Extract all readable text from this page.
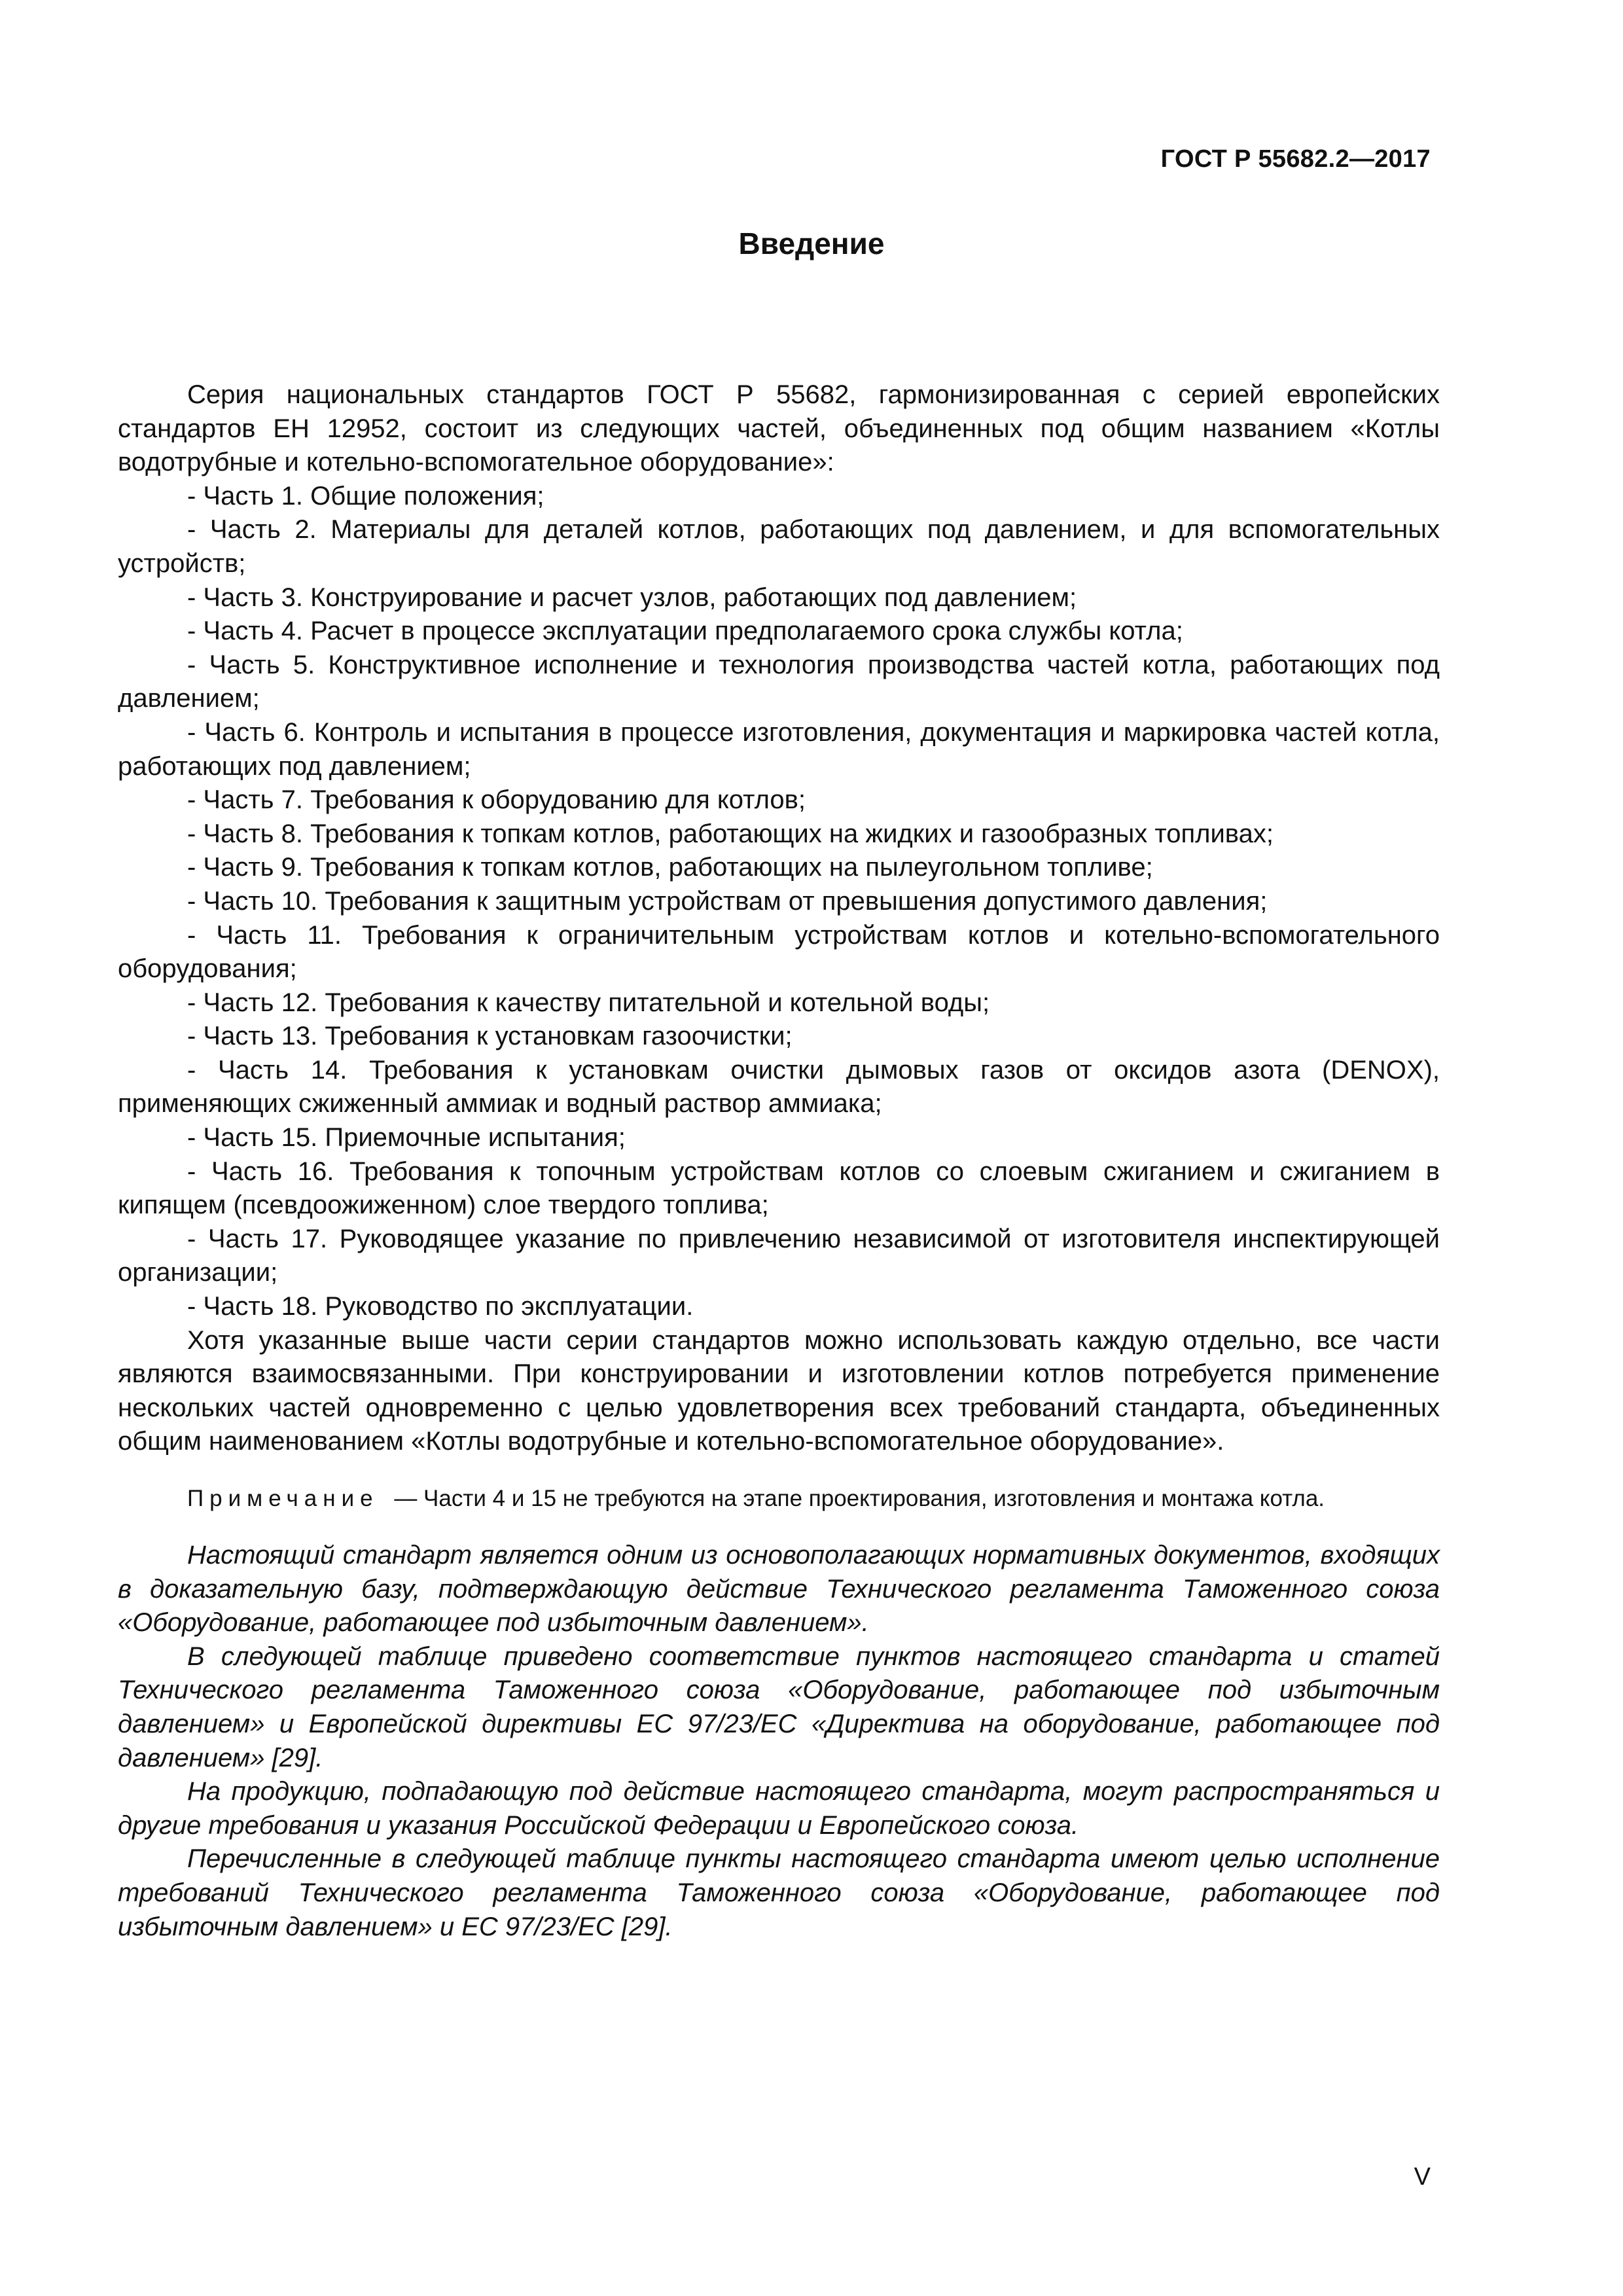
ГОСТ Р 55682.2—2017
Введение

Серия национальных стандартов ГОСТ Р 55682, гармонизированная с серией европейских стандартов ЕН 12952, состоит из следующих частей, объединенных под общим названием «Котлы водотрубные и котельно-вспомогательное оборудование»:

- Часть 1. Общие положения;
- Часть 2. Материалы для деталей котлов, работающих под давлением, и для вспомогательных устройств;
- Часть 3. Конструирование и расчет узлов, работающих под давлением;
- Часть 4. Расчет в процессе эксплуатации предполагаемого срока службы котла;
- Часть 5. Конструктивное исполнение и технология производства частей котла, работающих под давлением;
- Часть 6. Контроль и испытания в процессе изготовления, документация и маркировка частей котла, работающих под давлением;
- Часть 7. Требования к оборудованию для котлов;
- Часть 8. Требования к топкам котлов, работающих на жидких и газообразных топливах;
- Часть 9. Требования к топкам котлов, работающих на пылеугольном топливе;
- Часть 10. Требования к защитным устройствам от превышения допустимого давления;
- Часть 11. Требования к ограничительным устройствам котлов и котельно-вспомогательного оборудования;
- Часть 12. Требования к качеству питательной и котельной воды;
- Часть 13. Требования к установкам газоочистки;
- Часть 14. Требования к установкам очистки дымовых газов от оксидов азота (DENOX), применяющих сжиженный аммиак и водный раствор аммиака;
- Часть 15. Приемочные испытания;
- Часть 16. Требования к топочным устройствам котлов со слоевым сжиганием и сжиганием в кипящем (псевдоожиженном) слое твердого топлива;
- Часть 17. Руководящее указание по привлечению независимой от изготовителя инспектирующей организации;
- Часть 18. Руководство по эксплуатации.

Хотя указанные выше части серии стандартов можно использовать каждую отдельно, все части являются взаимосвязанными. При конструировании и изготовлении котлов потребуется применение нескольких частей одновременно с целью удовлетворения всех требований стандарта, объединенных общим наименованием «Котлы водотрубные и котельно-вспомогательное оборудование».

Примечание — Части 4 и 15 не требуются на этапе проектирования, изготовления и монтажа котла.

Настоящий стандарт является одним из основополагающих нормативных документов, входящих в доказательную базу, подтверждающую действие Технического регламента Таможенного союза «Оборудование, работающее под избыточным давлением».

В следующей таблице приведено соответствие пунктов настоящего стандарта и статей Технического регламента Таможенного союза «Оборудование, работающее под избыточным давлением» и Европейской директивы ЕС 97/23/ЕС «Директива на оборудование, работающее под давлением» [29].

На продукцию, подпадающую под действие настоящего стандарта, могут распространяться и другие требования и указания Российской Федерации и Европейского союза.

Перечисленные в следующей таблице пункты настоящего стандарта имеют целью исполнение требований Технического регламента Таможенного союза «Оборудование, работающее под избыточным давлением» и ЕС 97/23/ЕС [29].

V
